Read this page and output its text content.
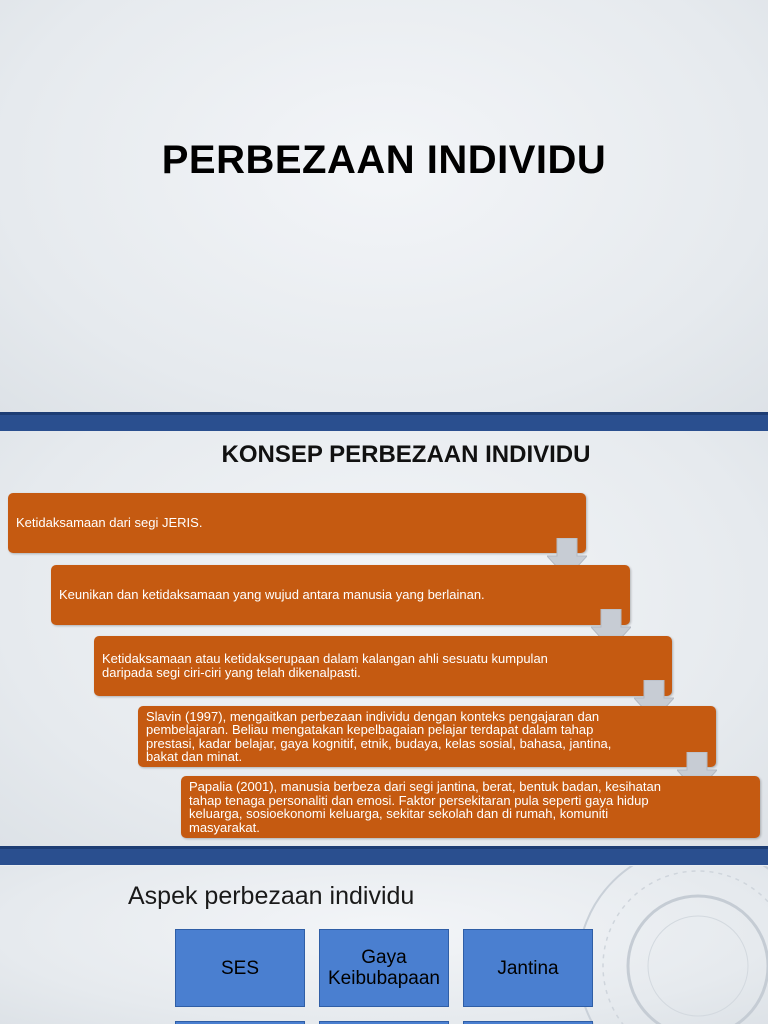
PERBEZAAN INDIVIDU
KONSEP PERBEZAAN INDIVIDU
Ketidaksamaan dari segi JERIS.
Keunikan dan ketidaksamaan yang wujud antara manusia yang berlainan.
Ketidaksamaan atau ketidakserupaan dalam kalangan ahli sesuatu kumpulan daripada segi ciri-ciri yang telah dikenalpasti.
Slavin (1997), mengaitkan perbezaan individu dengan konteks pengajaran dan pembelajaran. Beliau mengatakan kepelbagaian pelajar terdapat dalam tahap prestasi, kadar belajar, gaya kognitif, etnik, budaya, kelas sosial, bahasa, jantina, bakat dan minat.
Papalia (2001), manusia berbeza dari segi jantina, berat, bentuk badan, kesihatan tahap tenaga personaliti dan emosi. Faktor persekitaran pula seperti gaya hidup keluarga, sosioekonomi keluarga, sekitar sekolah dan di rumah, komuniti masyarakat.
Aspek perbezaan individu
SES	Gaya Keibubapaan	Jantina
